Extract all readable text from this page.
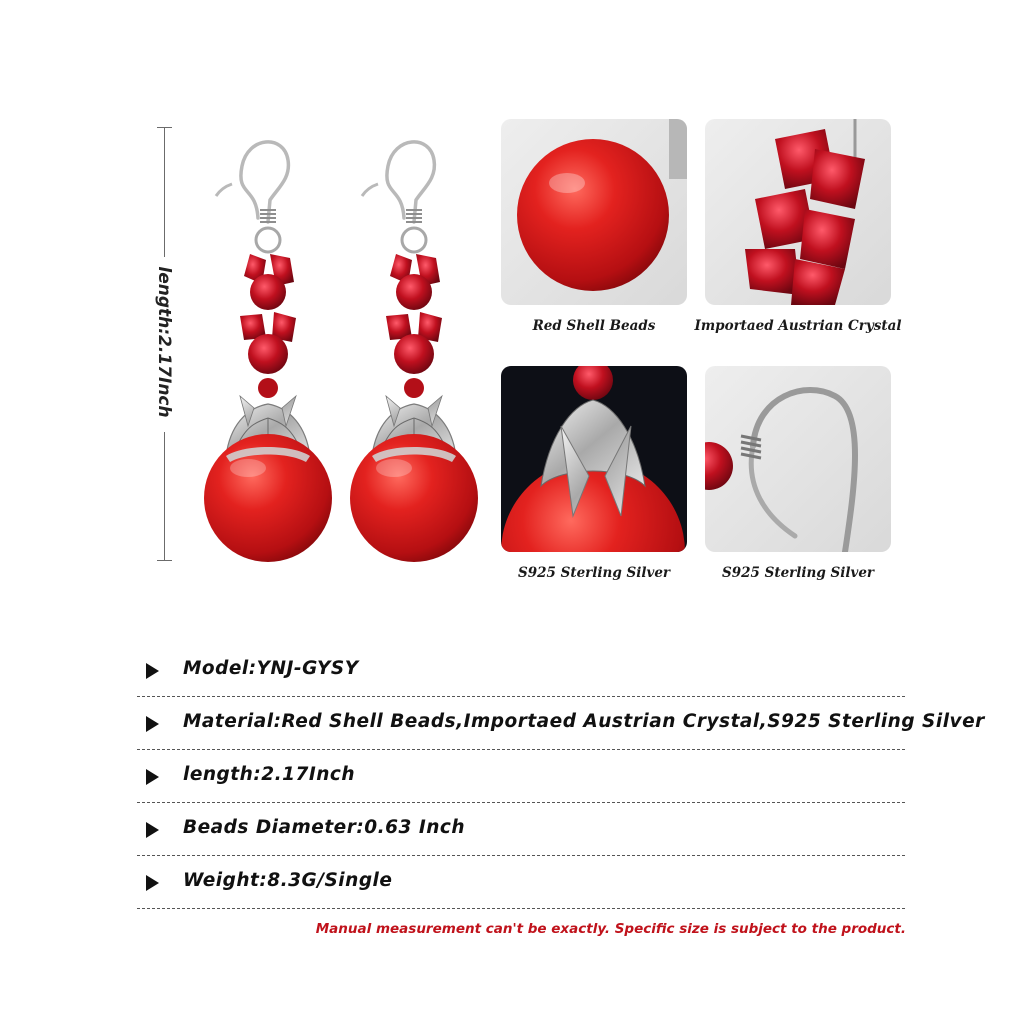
length:2.17Inch	Red Shell Beads	Importaed Austrian Crystal
S925 Sterling Silver	S925 Sterling Silver
Model:YNJ-GYSY
Material:Red Shell Beads,Importaed Austrian Crystal,S925 Sterling Silver
length:2.17Inch
Beads Diameter:0.63 Inch
Weight:8.3G/Single
Manual measurement can't be exactly. Specific size is subject to the product.
